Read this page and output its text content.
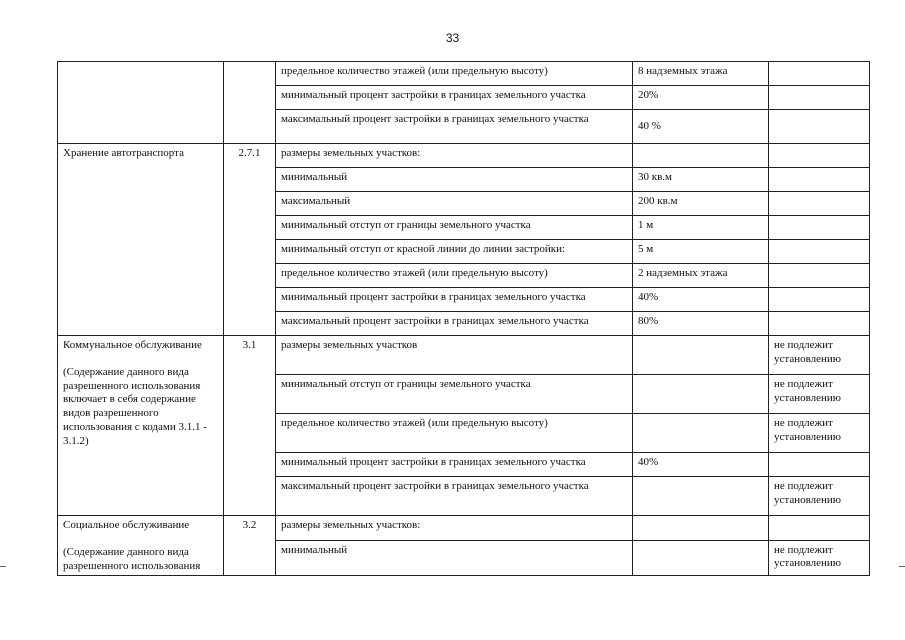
33
		предельное количество этажей (или предельную высоту)	8 надземных этажа	
		минимальный процент застройки в границах земельного участка	20%	
		максимальный процент застройки в границах земельного участка	40 %	

Хранение автотранспорта	2.7.1	размеры земельных участков:		
		минимальный	30 кв.м	
		максимальный	200 кв.м	
		минимальный отступ от границы земельного участка	1 м	
		минимальный отступ от красной линии до линии застройки:	5 м	
		предельное количество этажей (или предельную высоту)	2 надземных этажа	
		минимальный процент застройки в границах земельного участка	40%	
		максимальный процент застройки в границах земельного участка	80%	

Коммунальное обслуживание
(Содержание данного вида разрешенного использования включает в себя содержание видов разрешенного использования с кодами 3.1.1 - 3.1.2)	3.1	размеры земельных участков		не подлежит установлению
		минимальный отступ от границы земельного участка		не подлежит установлению
		предельное количество этажей (или предельную высоту)		не подлежит установлению
		минимальный процент застройки в границах земельного участка	40%	
		максимальный процент застройки в границах земельного участка		не подлежит установлению

Социальное обслуживание
(Содержание данного вида разрешенного использования	3.2	размеры земельных участков:		
		минимальный		не подлежит установлению
